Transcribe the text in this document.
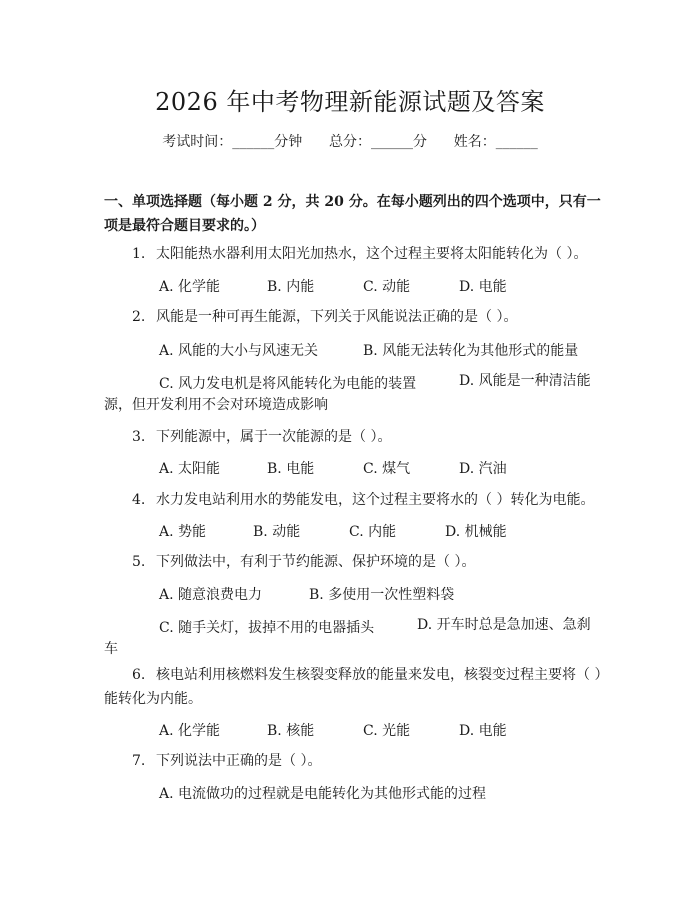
2026 年中考物理新能源试题及答案
考试时间：______分钟      总分：______分      姓名：______
一、单项选择题（每小题 2 分，共 20 分。在每小题列出的四个选项中，只有一项是最符合题目要求的。）
1. 太阳能热水器利用太阳光加热水，这个过程主要将太阳能转化为（ ）。
A. 化学能	B. 内能	C. 动能	D. 电能
2. 风能是一种可再生能源，下列关于风能说法正确的是（ ）。
A. 风能的大小与风速无关	B. 风能无法转化为其他形式的能量
C. 风力发电机是将风能转化为电能的装置	D. 风能是一种清洁能源，但开发利用不会对环境造成影响
3. 下列能源中，属于一次能源的是（ ）。
A. 太阳能	B. 电能	C. 煤气	D. 汽油
4. 水力发电站利用水的势能发电，这个过程主要将水的（ ）转化为电能。
A. 势能	B. 动能	C. 内能	D. 机械能
5. 下列做法中，有利于节约能源、保护环境的是（ ）。
A. 随意浪费电力	B. 多使用一次性塑料袋
C. 随手关灯，拔掉不用的电器插头	D. 开车时总是急加速、急刹车
6. 核电站利用核燃料发生核裂变释放的能量来发电，核裂变过程主要将（ ）能转化为内能。
A. 化学能	B. 核能	C. 光能	D. 电能
7. 下列说法中正确的是（ ）。
A. 电流做功的过程就是电能转化为其他形式能的过程
